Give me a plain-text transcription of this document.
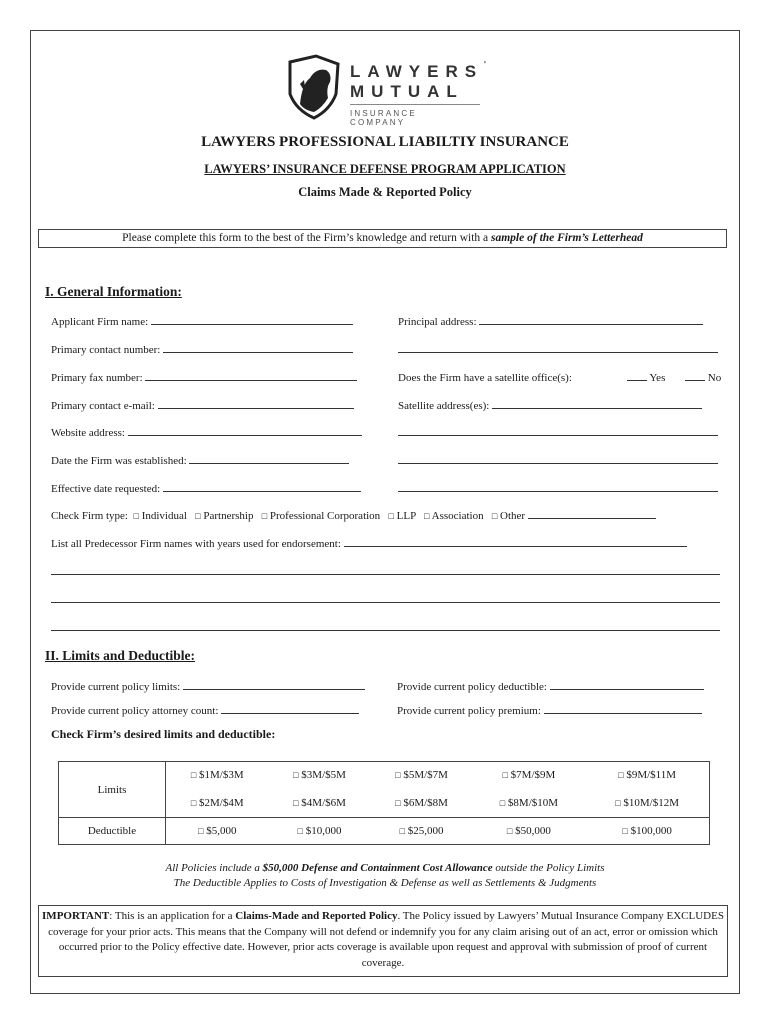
LAWYERS '
MUTUAL
INSURANCE COMPANY
LAWYERS PROFESSIONAL LIABILTIY INSURANCE
LAWYERS’ INSURANCE DEFENSE PROGRAM APPLICATION
Claims Made & Reported Policy
Please complete this form to the best of the Firm’s knowledge and return with a sample of the Firm’s Letterhead
I. General Information:
Applicant Firm name:	Principal address:
Primary contact number:
Primary fax number:	Does the Firm have a satellite office(s):	Yes	No
Primary contact e-mail:	Satellite address(es):
Website address:
Date the Firm was established:
Effective date requested:
Check Firm type: □ Individual □ Partnership □ Professional Corporation □ LLP □ Association □ Other
List all Predecessor Firm names with years used for endorsement:
II. Limits and Deductible:
Provide current policy limits:	Provide current policy deductible:
Provide current policy attorney count:	Provide current policy premium:
Check Firm’s desired limits and deductible:
Limits	□ $1M/$3M	□ $3M/$5M	□ $5M/$7M	□ $7M/$9M	□ $9M/$11M
	□ $2M/$4M	□ $4M/$6M	□ $6M/$8M	□ $8M/$10M	□ $10M/$12M
Deductible	□ $5,000	□ $10,000	□ $25,000	□ $50,000	□ $100,000
All Policies include a $50,000 Defense and Containment Cost Allowance outside the Policy Limits
The Deductible Applies to Costs of Investigation & Defense as well as Settlements & Judgments
IMPORTANT: This is an application for a Claims-Made and Reported Policy. The Policy issued by Lawyers’ Mutual Insurance Company EXCLUDES coverage for your prior acts. This means that the Company will not defend or indemnify you for any claim arising out of an act, error or omission which occurred prior to the Policy effective date. However, prior acts coverage is available upon request and approval with submission of proof of current coverage.
